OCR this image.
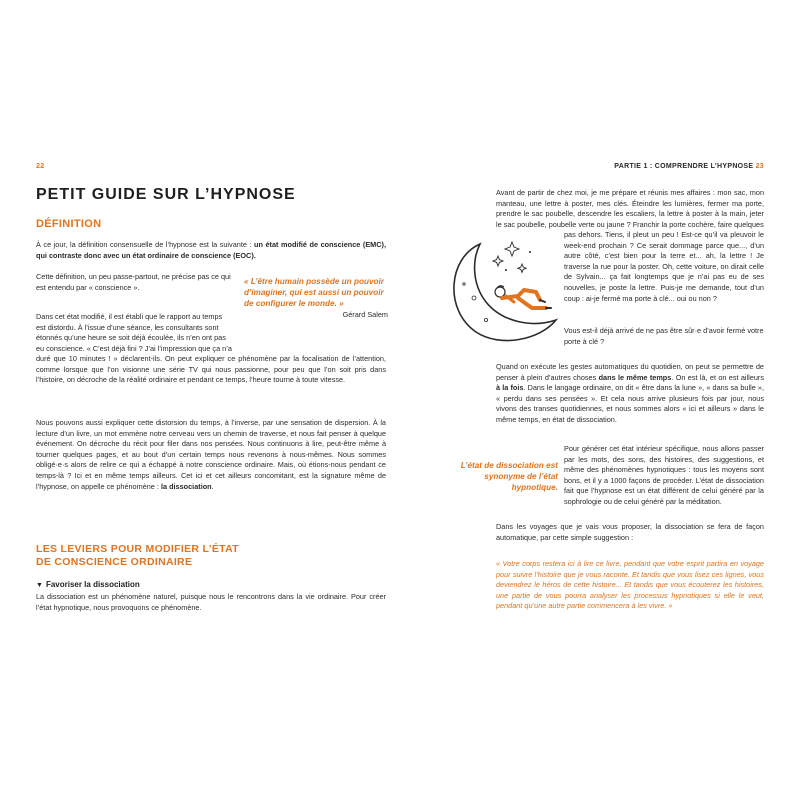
22	PARTIE 1 : COMPRENDRE L’HYPNOSE 23
PETIT GUIDE SUR L’HYPNOSE
DÉFINITION

À ce jour, la définition consensuelle de l’hypnose est la suivante : un état modifié de conscience (EMC), qui contraste donc avec un état ordinaire de conscience (EOC).

Cette définition, un peu passe-partout, ne précise pas ce qui

est entendu par « conscience ».

« L’être humain possède un pouvoir d’imaginer, qui est aussi un pouvoir de configurer le monde. »
Gérard Salem

Dans cet état modifié, il est établi que le rapport au temps

est distordu. À l’issue d’une séance, les consultants sont

étonnés qu’une heure se soit déjà écoulée, ils n’en ont pas

eu conscience. « C’est déjà fini ? J’ai l’impression que ça n’a

duré que 10 minutes ! » déclarent-ils. On peut expliquer ce phénomène par la focalisation de l’attention, comme lorsque que l’on visionne une série TV qui nous passionne, pour peu que l’on soit pris dans l’histoire, on décroche de la réalité ordinaire et pendant ce temps, l’heure tourne à toute vitesse.

Nous pouvons aussi expliquer cette distorsion du temps, à l’inverse, par une sensation de dispersion. À la lecture d’un livre, un mot emmène notre cerveau vers un chemin de traverse, et nous fait penser à quelque événement. On décroche du récit pour filer dans nos pensées. Nous continuons à lire, peut-être même à tourner quelques pages, et au bout d’un certain temps nous revenons à nous-mêmes. Nous sommes obligé·e·s alors de relire ce qui a échappé à notre conscience ordinaire. Mais, où étions-nous pendant ce temps-là ? Ici et en même temps ailleurs. Cet ici et cet ailleurs concomitant, est la signature même de l’hypnose, on appelle ce phénomène : la dissociation.

LES LEVIERS POUR MODIFIER L’ÉTAT
DE CONSCIENCE ORDINAIRE
▼ Favoriser la dissociation

La dissociation est un phénomène naturel, puisque nous le rencontrons dans la vie ordinaire. Pour créer l’état hypnotique, nous provoquons ce phénomène.

Avant de partir de chez moi, je me prépare et réunis mes affaires : mon sac, mon manteau, une lettre à poster, mes clés. Éteindre les lumières, fermer ma porte, prendre le sac poubelle, descendre les escaliers, la lettre à poster à la main, jeter le sac poubelle, poubelle verte ou jaune ? Franchir la porte cochère, faire quelques

pas dehors. Tiens, il pleut un peu ! Est-ce qu’il va pleuvoir le week-end prochain ? Ce serait dommage parce que..., d’un autre côté, c’est bien pour la terre et... ah, la lettre ! Je traverse la rue pour la poster. Oh, cette voiture, on dirait celle de Sylvain... ça fait longtemps que je n’ai pas eu de ses nouvelles, je poste la lettre. Puis-je me demande, tout d’un coup : ai-je fermé ma porte à clé... oui ou non ?

Vous est-il déjà arrivé de ne pas être sûr·e d’avoir fermé votre porte à clé ?

Quand on exécute les gestes automatiques du quotidien, on peut se permettre de penser à plein d’autres choses dans le même temps. On est là, et on est ailleurs à la fois. Dans le langage ordinaire, on dit « être dans la lune », « dans sa bulle », « perdu dans ses pensées ». Et cela nous arrive plusieurs fois par jour, nous vivons des transes quotidiennes, et nous sommes alors « ici et ailleurs » dans le même temps, en état de dissociation.

L’état de dissociation est synonyme de l’état hypnotique.

Pour générer cet état intérieur spécifique, nous allons passer par les mots, des sons, des histoires, des suggestions, et même des phénomènes hypnotiques : tous les moyens sont bons, et il y a 1000 façons de procéder. L’état de dissociation fait que l’hypnose est un état différent de celui généré par la sophrologie ou de celui généré par la méditation.

Dans les voyages que je vais vous proposer, la dissociation se fera de façon automatique, par cette simple suggestion :

« Votre corps restera ici à lire ce livre, pendant que votre esprit partira en voyage pour suivre l’histoire que je vous raconte. Et tandis que vous lisez ces lignes, vous deviendrez le héros de cette histoire... Et tandis que vous écouterez les histoires, une partie de vous pourra analyser les processus hypnotiques si elle le veut, pendant qu’une autre partie commencera à les vivre. »
